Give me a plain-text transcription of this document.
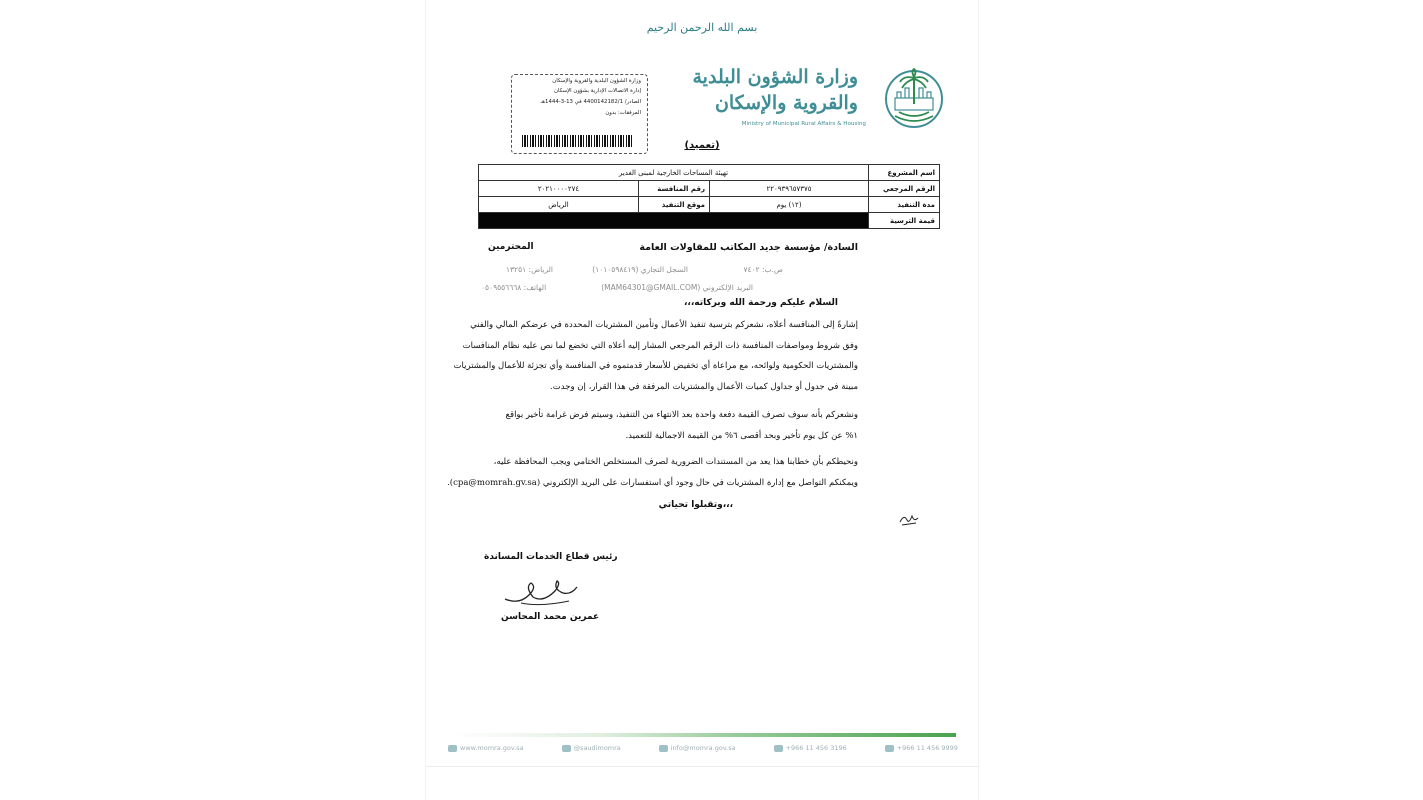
بسم الله الرحمن الرحيم
وزارة الشؤون البلدية
والقروية والإسكان
Ministry of Municipal Rural Affairs & Housing
وزارة الشؤون البلدية والقروية والإسكان
إدارة الاتصالات الإدارية بشؤون الإسكان
الصادر/ 4400142182/1 في 13-3-1444هـ
المرفقات: بدون
(تعميد)
اسم المشروع	تهيئة المساحات الخارجية لمبنى الغدير		
الرقم المرجعي	٢٢٠٩٣٩٦٥٧٣٧٥	رقم المنافسة	٢٠٢١٠٠٠٠٢٧٤
مدة التنفيذ	(١٢) يوم	موقع التنفيذ	الرياض
قيمة الترسية			
السادة/ مؤسسة جديد المكاتب للمقاولات العامة
المحترمين
السجل التجاري (١٠١٠٥٩٨٤١٩)	ص.ب: ٧٤٠٢
الرياض: ١٣٢٥١
البريد الإلكتروني (MAM64301@GMAIL.COM)
الهاتف: ٠٥٠٩٥٥٦٦٦٨
السلام عليكم ورحمة الله وبركاته،،،
إشارةً إلى المنافسة أعلاه، نشعركم بترسية تنفيذ الأعمال وتأمين المشتريات المحددة في عرضكم المالي والفني
وفق شروط ومواصفات المنافسة ذات الرقم المرجعي المشار إليه أعلاه التي تخضع لما نص عليه نظام المنافسات
والمشتريات الحكومية ولوائحه، مع مراعاة أي تخفيض للأسعار قدمتموه في المنافسة وأي تجزئة للأعمال والمشتريات
مبينة في جدول أو جداول كميات الأعمال والمشتريات المرفقة في هذا القرار، إن وجدت.
ونشعركم بأنه سوف تصرف القيمة دفعة واحدة بعد الانتهاء من التنفيذ، وسيتم فرض غرامة تأخير بواقع
١% عن كل يوم تأخير وبحد أقصى ٦% من القيمة الاجمالية للتعميد.
ونحيطكم بأن خطابنا هذا يعد من المستندات الضرورية لصرف المستخلص الختامي ويجب المحافظة عليه،
ويمكنكم التواصل مع إدارة المشتريات في حال وجود أي استفسارات على البريد الإلكتروني (cpa@momrah.gv.sa).
وتقبلوا تحياتي،،،
رئيس قطاع الخدمات المساندة
عمرين محمد المحاسن
www.momra.gov.sa	@saudimomra	info@momra.gov.sa	+966 11 456 3196	+966 11 456 9999
